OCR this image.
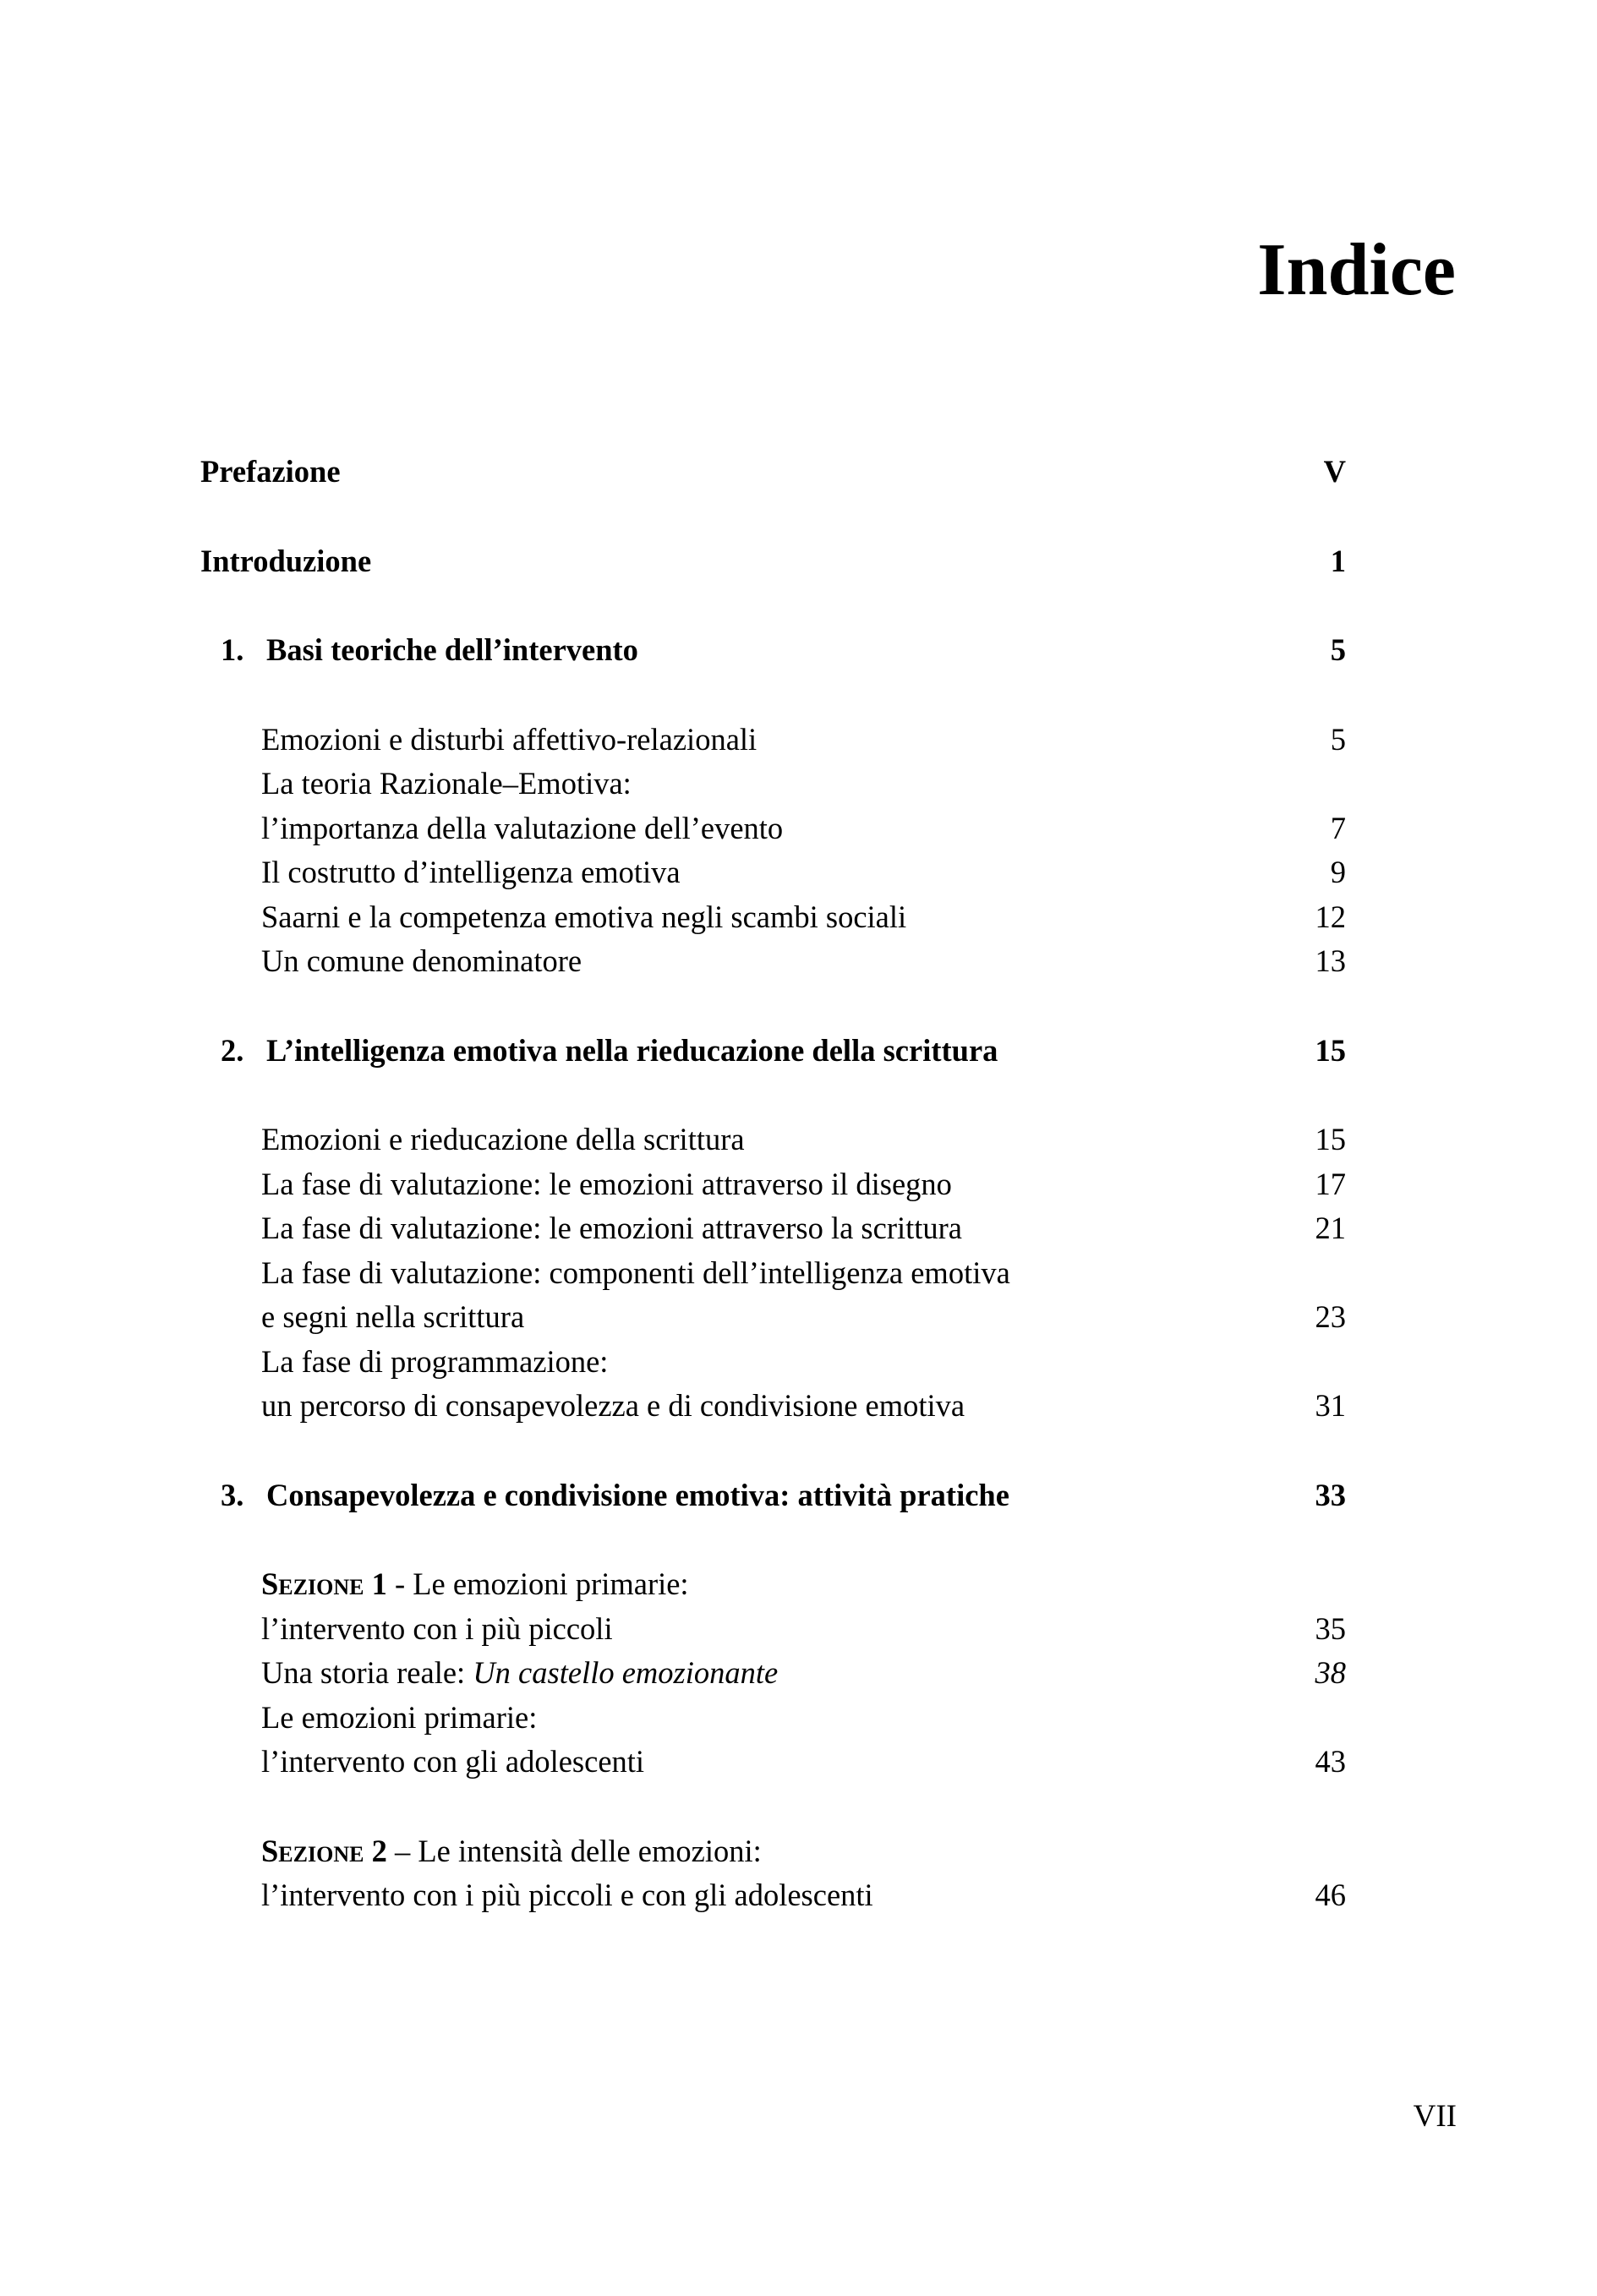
Indice
Prefazione	V
Introduzione	1
1. Basi teoriche dell’intervento	5
Emozioni e disturbi affettivo-relazionali	5
La teoria Razionale–Emotiva:
l’importanza della valutazione dell’evento	7
Il costrutto d’intelligenza emotiva	9
Saarni e la competenza emotiva negli scambi sociali	12
Un comune denominatore	13
2. L’intelligenza emotiva nella rieducazione della scrittura	15
Emozioni e rieducazione della scrittura	15
La fase di valutazione: le emozioni attraverso il disegno	17
La fase di valutazione: le emozioni attraverso la scrittura	21
La fase di valutazione: componenti dell’intelligenza emotiva
e segni nella scrittura	23
La fase di programmazione:
un percorso di consapevolezza e di condivisione emotiva	31
3. Consapevolezza e condivisione emotiva: attività pratiche	33
Sezione 1 - Le emozioni primarie:
l’intervento con i più piccoli	35
Una storia reale: Un castello emozionante	38
Le emozioni primarie:
l’intervento con gli adolescenti	43
Sezione 2 – Le intensità delle emozioni:
l’intervento con i più piccoli e con gli adolescenti	46
VII
